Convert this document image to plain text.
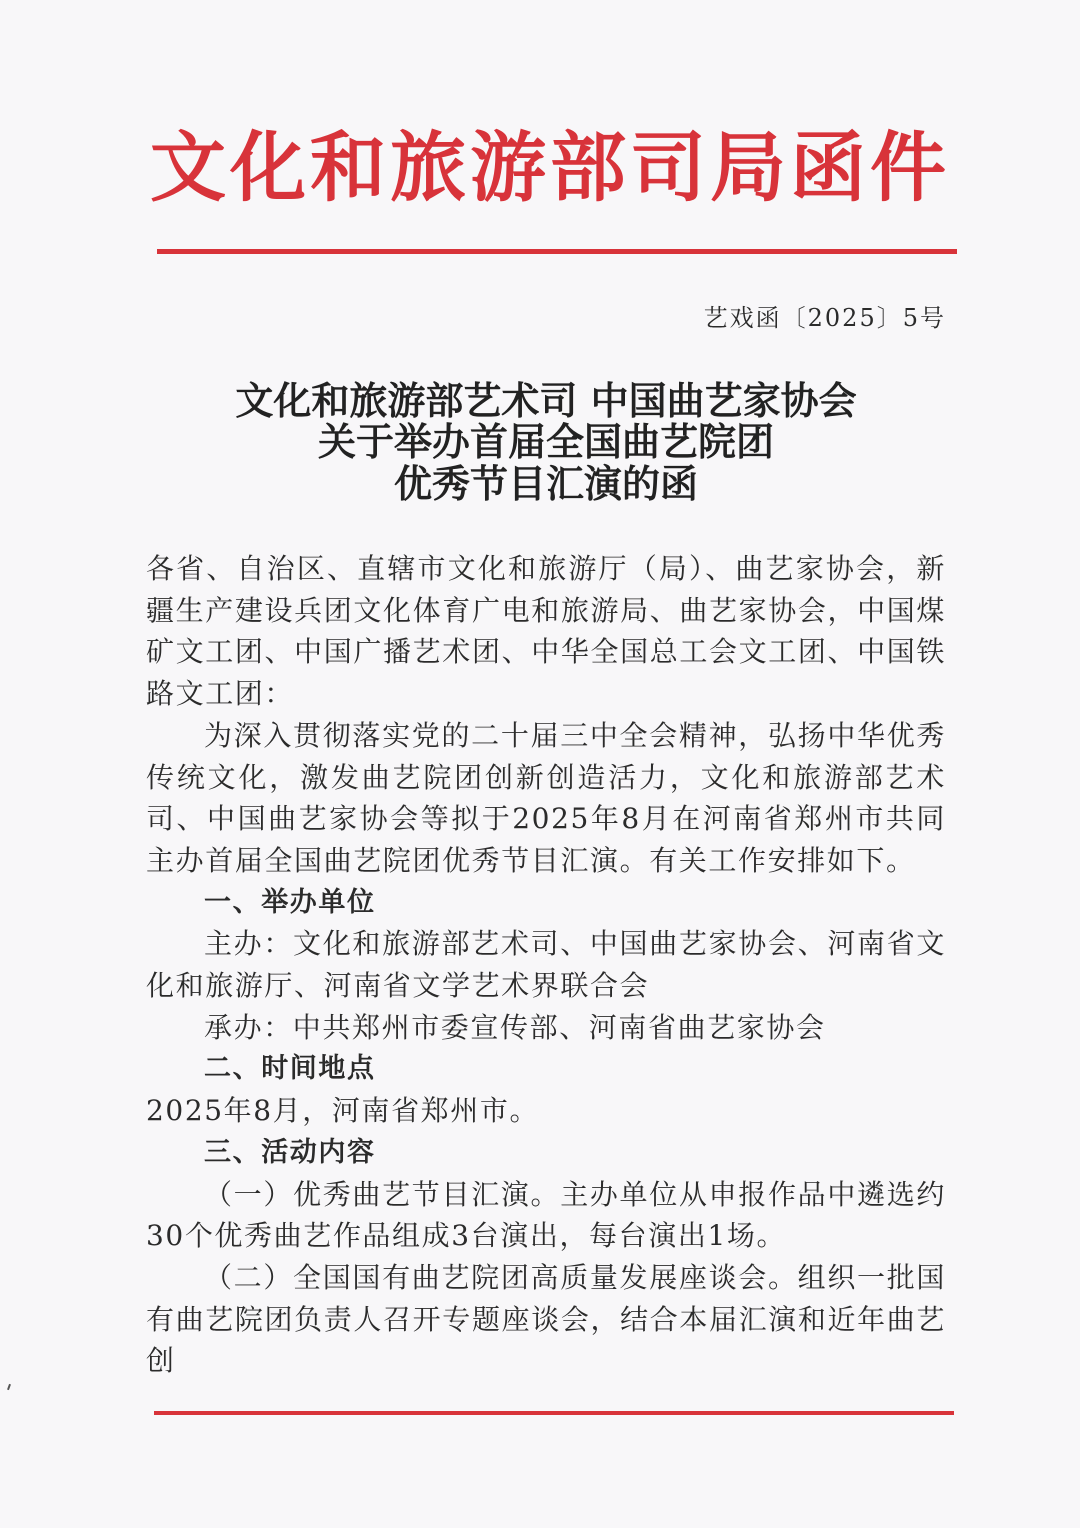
文化和旅游部司局函件
艺戏函〔2025〕5号
文化和旅游部艺术司 中国曲艺家协会
关于举办首届全国曲艺院团
优秀节目汇演的函

各省、自治区、直辖市文化和旅游厅（局）、曲艺家协会，新疆生产建设兵团文化体育广电和旅游局、曲艺家协会，中国煤矿文工团、中国广播艺术团、中华全国总工会文工团、中国铁路文工团：

为深入贯彻落实党的二十届三中全会精神，弘扬中华优秀传统文化，激发曲艺院团创新创造活力，文化和旅游部艺术司、中国曲艺家协会等拟于2025年8月在河南省郑州市共同主办首届全国曲艺院团优秀节目汇演。有关工作安排如下。

一、举办单位

主办：文化和旅游部艺术司、中国曲艺家协会、河南省文化和旅游厅、河南省文学艺术界联合会

承办：中共郑州市委宣传部、河南省曲艺家协会

二、时间地点

2025年8月，河南省郑州市。

三、活动内容

（一）优秀曲艺节目汇演。主办单位从申报作品中遴选约30个优秀曲艺作品组成3台演出，每台演出1场。

（二）全国国有曲艺院团高质量发展座谈会。组织一批国有曲艺院团负责人召开专题座谈会，结合本届汇演和近年曲艺创
